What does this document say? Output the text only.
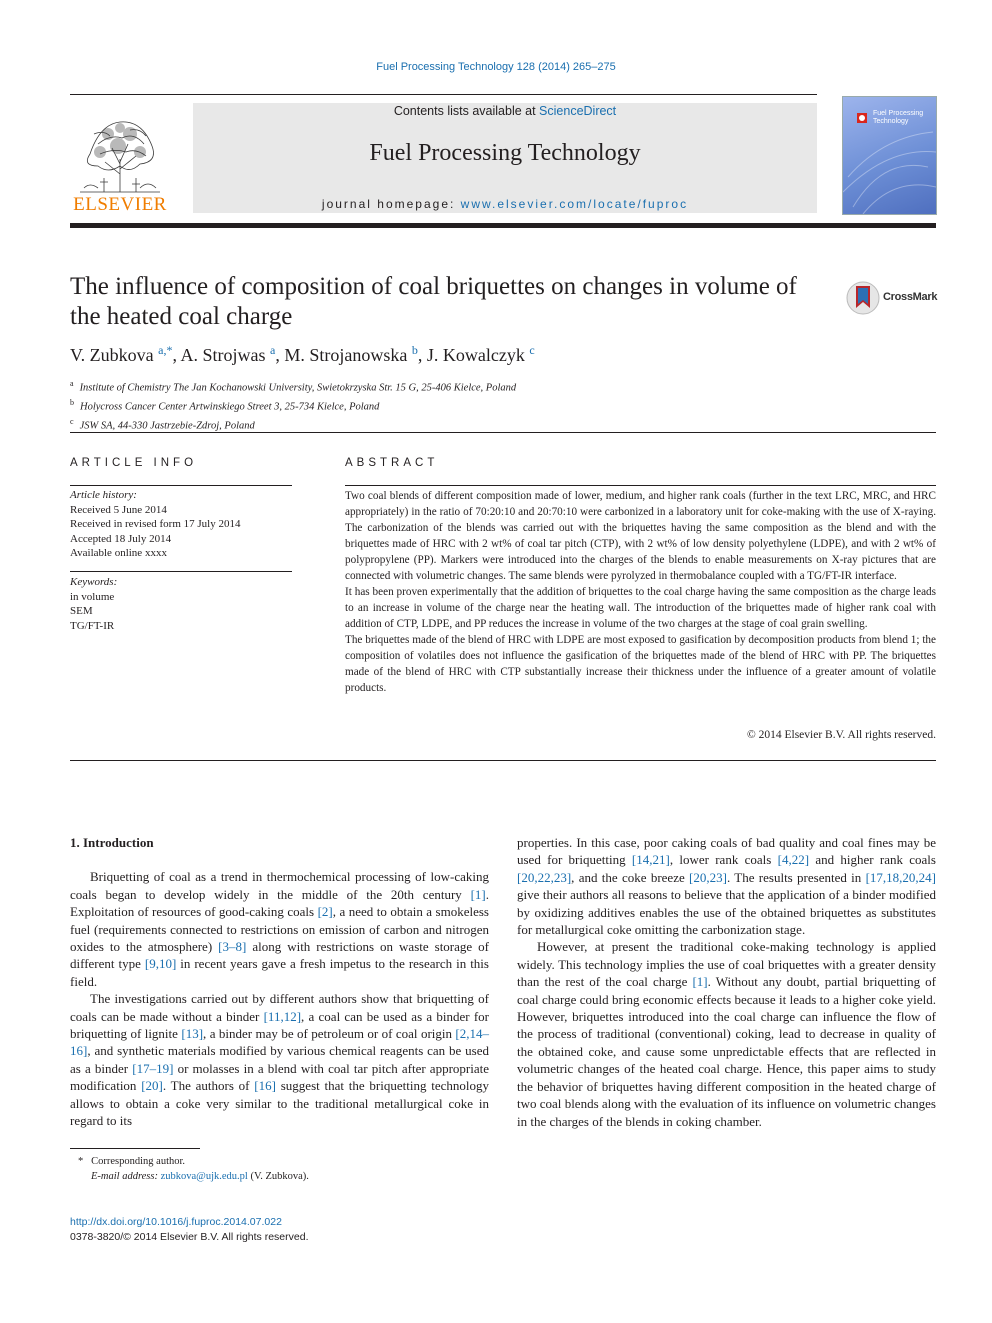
Fuel Processing Technology 128 (2014) 265–275
ELSEVIER
Contents lists available at ScienceDirect
Fuel Processing Technology
journal homepage: www.elsevier.com/locate/fuproc
Fuel Processing Technology
The influence of composition of coal briquettes on changes in volume of the heated coal charge
CrossMark
V. Zubkova $^{a,*}$, A. Strojwas $^a$, M. Strojanowska $^b$, J. Kowalczyk $^c$
$^a$ Institute of Chemistry The Jan Kochanowski University, Swietokrzyska Str. 15 G, 25-406 Kielce, Poland
$^b$ Holycross Cancer Center Artwinskiego Street 3, 25-734 Kielce, Poland
$^c$ JSW SA, 44-330 Jastrzebie-Zdroj, Poland
ARTICLE INFO
Article history:
Received 5 June 2014
Received in revised form 17 July 2014
Accepted 18 July 2014
Available online xxxx
Keywords:
in volume
SEM
TG/FT-IR
ABSTRACT

Two coal blends of different composition made of lower, medium, and higher rank coals (further in the text LRC, MRC, and HRC appropriately) in the ratio of 70:20:10 and 20:70:10 were carbonized in a laboratory unit for coke-making with the use of X-raying. The carbonization of the blends was carried out with the briquettes having the same composition as the blend and with the briquettes made of HRC with 2 wt% of coal tar pitch (CTP), with 2 wt% of low density polyethylene (LDPE), and with 2 wt% of polypropylene (PP). Markers were introduced into the charges of the blends to enable measurements on X-ray pictures that are connected with volumetric changes. The same blends were pyrolyzed in thermobalance coupled with a TG/FT-IR interface.

It has been proven experimentally that the addition of briquettes to the coal charge having the same composition as the charge leads to an increase in volume of the charge near the heating wall. The introduction of the briquettes made of higher rank coal with addition of CTP, LDPE, and PP reduces the increase in volume of the two charges at the stage of coal grain swelling.

The briquettes made of the blend of HRC with LDPE are most exposed to gasification by decomposition products from blend 1; the composition of volatiles does not influence the gasification of the briquettes made of the blend of HRC with PP. The briquettes made of the blend of HRC with CTP substantially increase their thickness under the influence of a greater amount of volatile products.

© 2014 Elsevier B.V. All rights reserved.
1. Introduction

Briquetting of coal as a trend in thermochemical processing of low-caking coals began to develop widely in the middle of the 20th century [1]. Exploitation of resources of good-caking coals [2], a need to obtain a smokeless fuel (requirements connected to restrictions on emission of carbon and nitrogen oxides to the atmosphere) [3–8] along with restrictions on waste storage of different type [9,10] in recent years gave a fresh impetus to the research in this field.

The investigations carried out by different authors show that briquetting of coals can be made without a binder [11,12], a coal can be used as a binder for briquetting of lignite [13], a binder may be of petroleum or of coal origin [2,14–16], and synthetic materials modified by various chemical reagents can be used as a binder [17–19] or molasses in a blend with coal tar pitch after appropriate modification [20]. The authors of [16] suggest that the briquetting technology allows to obtain a coke very similar to the traditional metallurgical coke in regard to its

properties. In this case, poor caking coals of bad quality and coal fines may be used for briquetting [14,21], lower rank coals [4,22] and higher rank coals [20,22,23], and the coke breeze [20,23]. The results presented in [17,18,20,24] give their authors all reasons to believe that the application of a binder modified by oxidizing additives enables the use of the obtained briquettes as substitutes for metallurgical coke omitting the carbonization stage.

However, at present the traditional coke-making technology is applied widely. This technology implies the use of coal briquettes with a greater density than the rest of the coal charge [1]. Without any doubt, partial briquetting of coal charge could bring economic effects because it leads to a higher coke yield. However, briquettes introduced into the coal charge can influence the flow of the process of traditional (conventional) coking, lead to decrease in quality of the obtained coke, and cause some unpredictable effects that are reflected in volumetric changes of the heated coal charge. Hence, this paper aims to study the behavior of briquettes having different composition in the heated charge of two coal blends along with the evaluation of its influence on volumetric changes in the charges of the blends in coking chamber.

* Corresponding author.
E-mail address: zubkova@ujk.edu.pl (V. Zubkova).
http://dx.doi.org/10.1016/j.fuproc.2014.07.022
0378-3820/© 2014 Elsevier B.V. All rights reserved.
